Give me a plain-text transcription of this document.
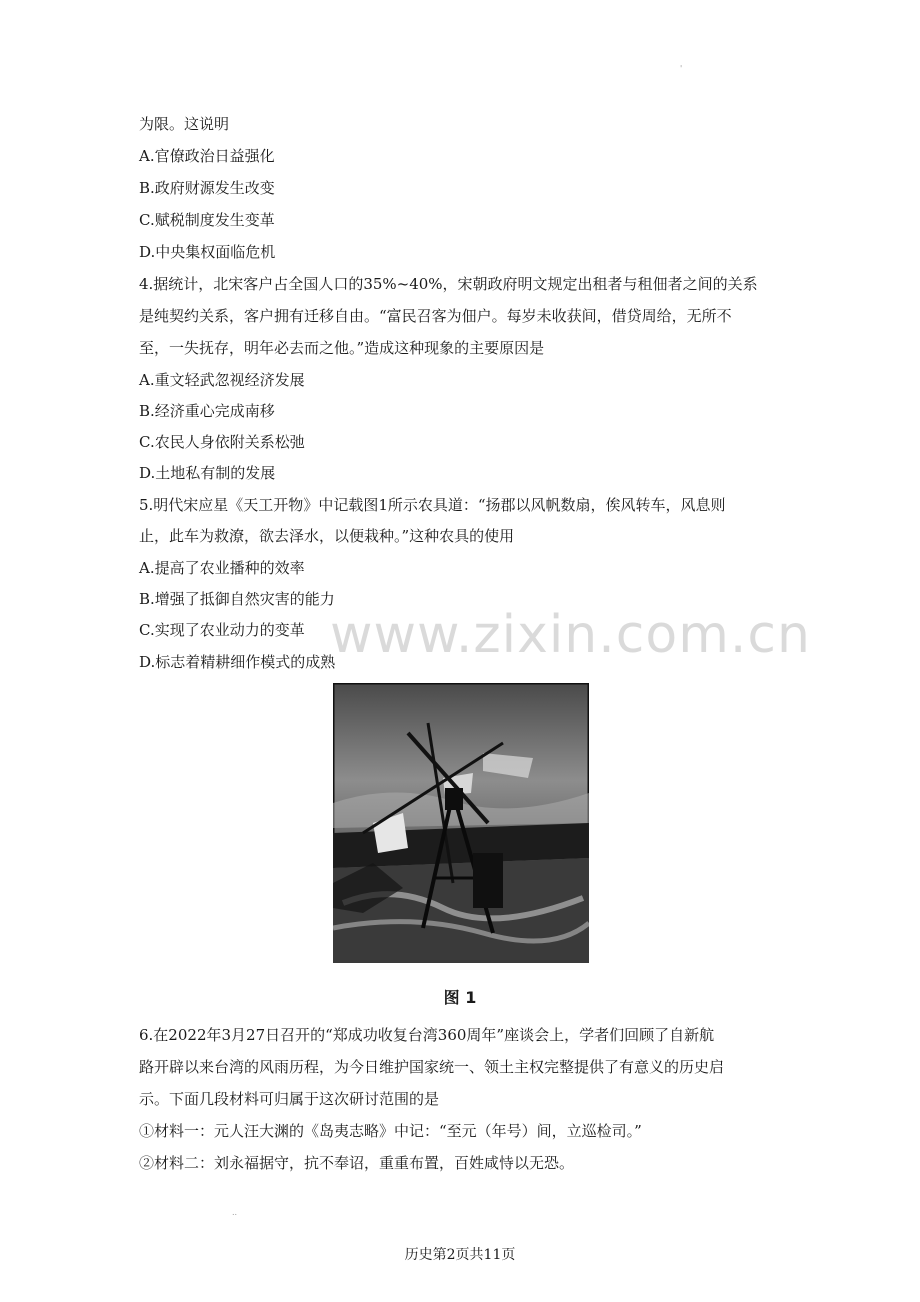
'
为限。这说明
A.官僚政治日益强化
B.政府财源发生改变
C.赋税制度发生变革
D.中央集权面临危机
4.据统计，北宋客户占全国人口的35%~40%，宋朝政府明文规定出租者与租佃者之间的关系
是纯契约关系，客户拥有迁移自由。“富民召客为佃户。每岁未收获间，借贷周给，无所不
至，一失抚存，明年必去而之他。”造成这种现象的主要原因是
A.重文轻武忽视经济发展
B.经济重心完成南移
C.农民人身依附关系松弛
D.土地私有制的发展
5.明代宋应星《天工开物》中记载图1所示农具道：“扬郡以风帆数扇，俟风转车，风息则
止，此车为救潦，欲去泽水，以便栽种。”这种农具的使用
A.提高了农业播种的效率
B.增强了抵御自然灾害的能力
C.实现了农业动力的变革
D.标志着精耕细作模式的成熟
www.zixin.com.cn
图 1
6.在2022年3月27日召开的“郑成功收复台湾360周年”座谈会上，学者们回顾了自新航
路开辟以来台湾的风雨历程，为今日维护国家统一、领土主权完整提供了有意义的历史启
示。下面几段材料可归属于这次研讨范围的是
①材料一：元人汪大渊的《岛夷志略》中记：“至元（年号）间，立巡检司。”
②材料二：刘永福据守，抗不奉诏，重重布置，百姓咸恃以无恐。
..
历史第2页共11页
